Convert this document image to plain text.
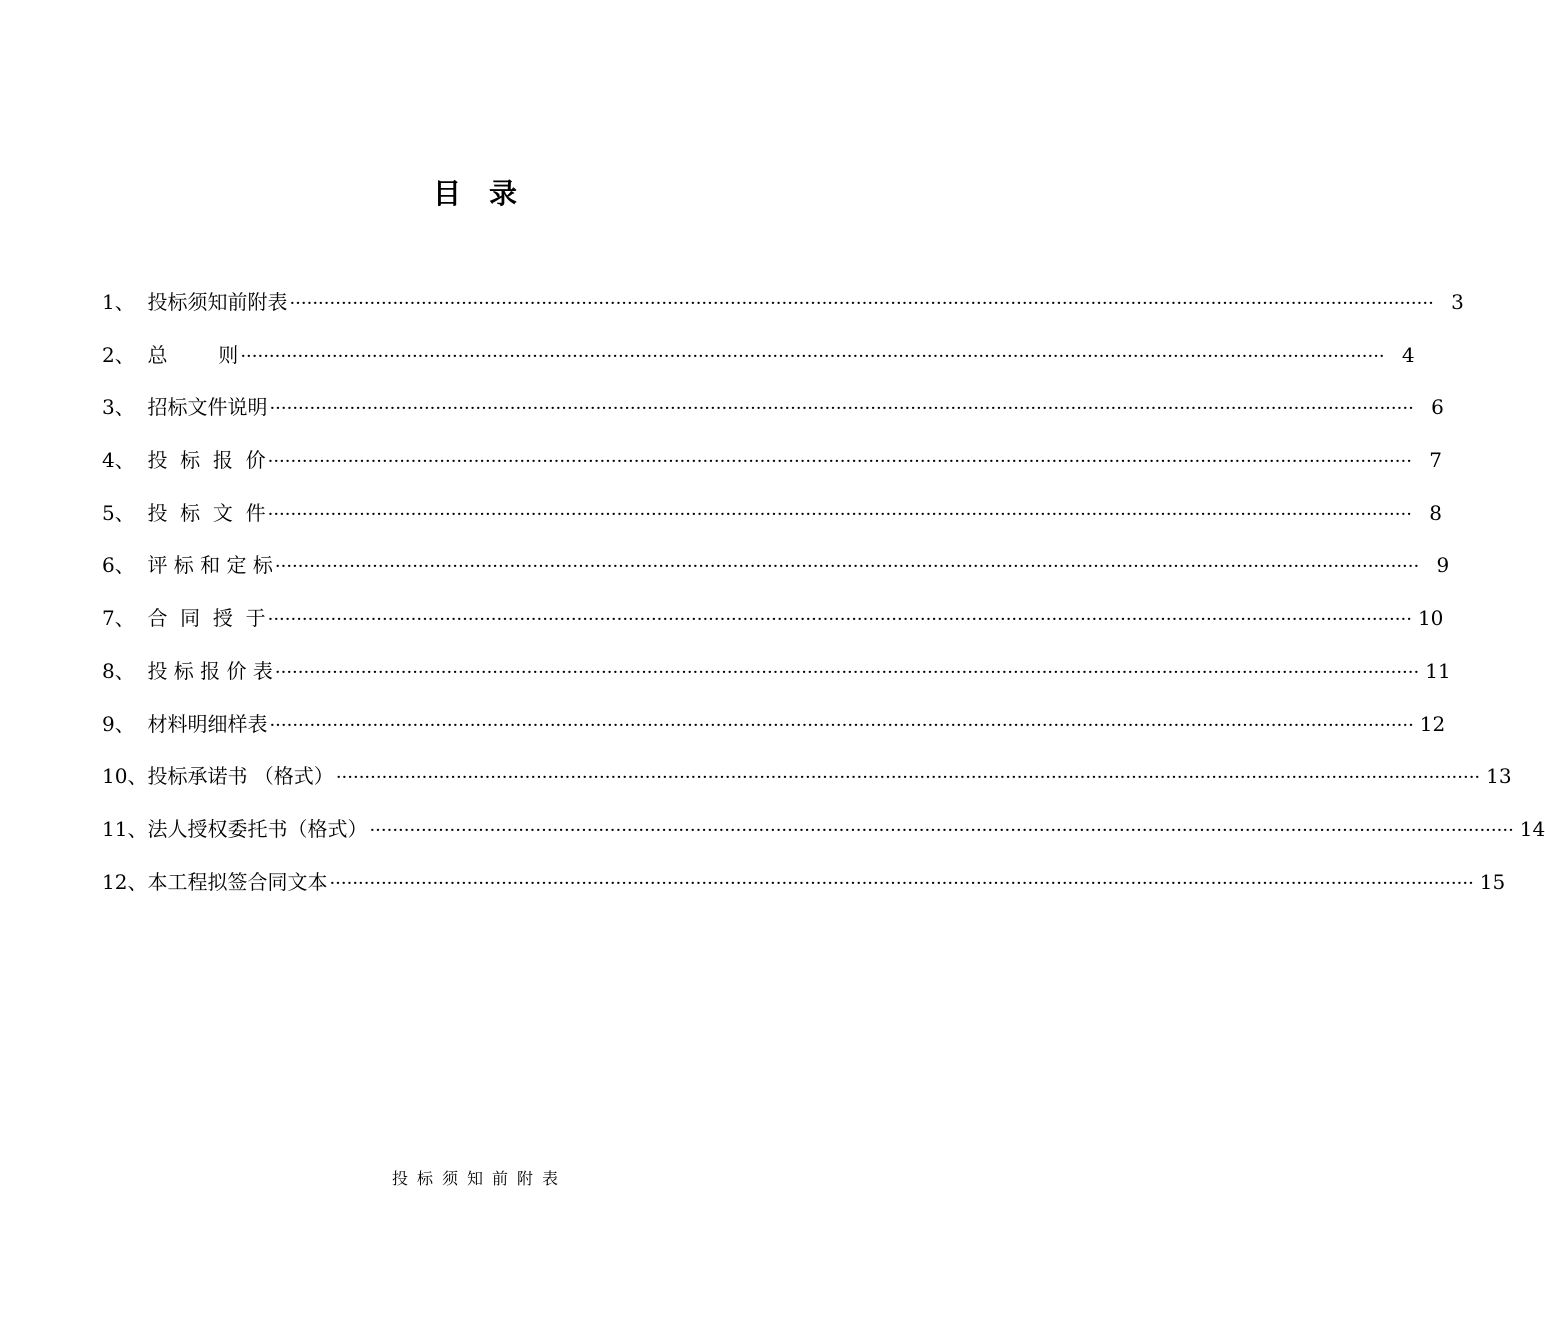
目录
1、  投标须知前附表 ········································································································································································································ 3
2、  总        则 ········································································································································································································ 4
3、  招标文件说明 ········································································································································································································ 6
4、  投  标  报  价 ········································································································································································································ 7
5、  投  标  文  件 ········································································································································································································ 8
6、  评 标 和 定 标 ········································································································································································································ 9
7、  合  同  授  于 ········································································································································································································ 10
8、  投 标 报 价 表 ········································································································································································································ 11
9、  材料明细样表 ········································································································································································································ 12
10、投标承诺书 （格式） ········································································································································································································ 13
11、法人授权委托书（格式） ········································································································································································································ 14
12、本工程拟签合同文本 ········································································································································································································ 15
投标须知前附表
